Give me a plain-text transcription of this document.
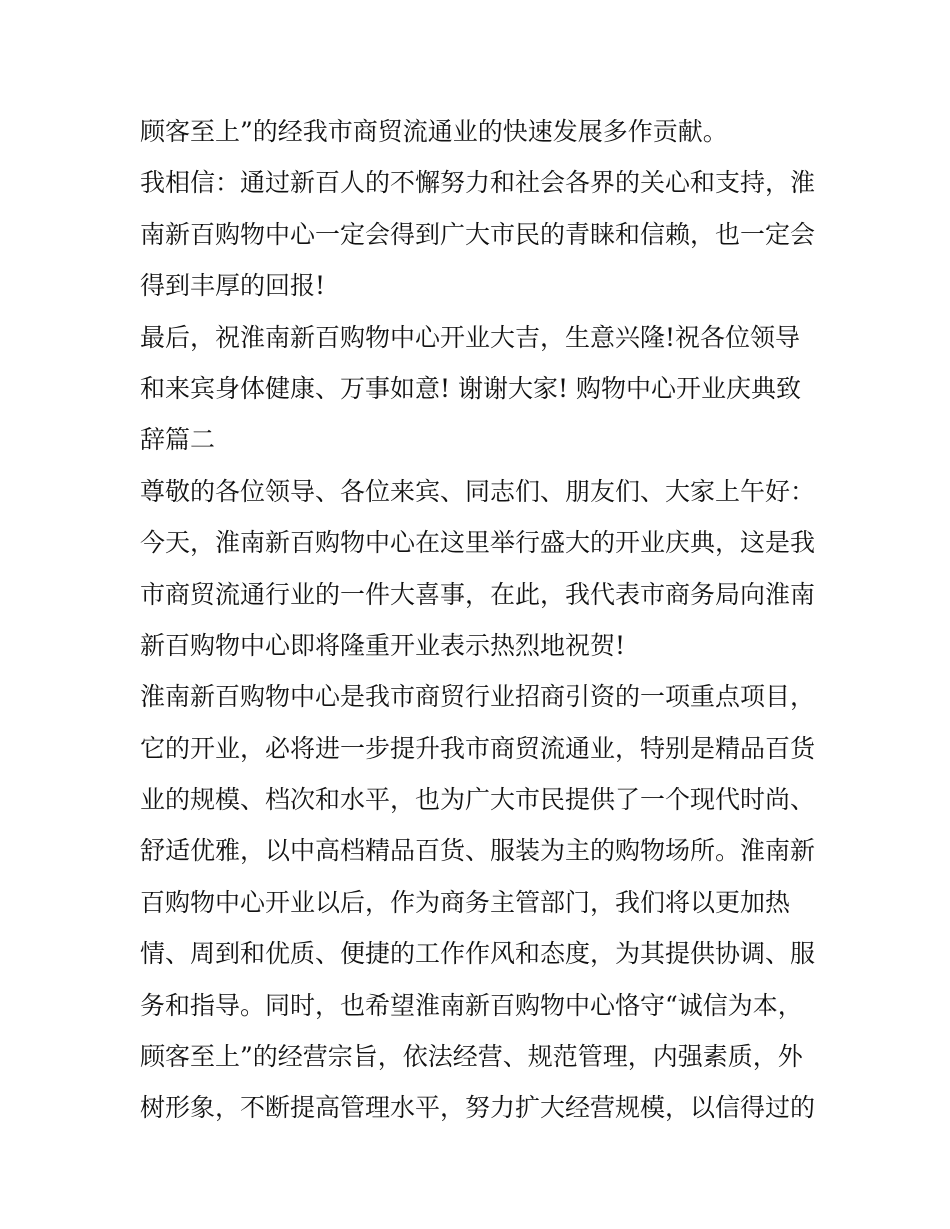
顾客至上”的经我市商贸流通业的快速发展多作贡献。
我相信：通过新百人的不懈努力和社会各界的关心和支持，淮
南新百购物中心一定会得到广大市民的青睐和信赖，也一定会
得到丰厚的回报!
最后，祝淮南新百购物中心开业大吉，生意兴隆!祝各位领导
和来宾身体健康、万事如意! 谢谢大家! 购物中心开业庆典致
辞篇二
尊敬的各位领导、各位来宾、同志们、朋友们、大家上午好：
今天，淮南新百购物中心在这里举行盛大的开业庆典，这是我
市商贸流通行业的一件大喜事，在此，我代表市商务局向淮南
新百购物中心即将隆重开业表示热烈地祝贺!
淮南新百购物中心是我市商贸行业招商引资的一项重点项目，
它的开业，必将进一步提升我市商贸流通业，特别是精品百货
业的规模、档次和水平，也为广大市民提供了一个现代时尚、
舒适优雅，以中高档精品百货、服装为主的购物场所。淮南新
百购物中心开业以后，作为商务主管部门，我们将以更加热
情、周到和优质、便捷的工作作风和态度，为其提供协调、服
务和指导。同时，也希望淮南新百购物中心恪守“诚信为本，
顾客至上”的经营宗旨，依法经营、规范管理，内强素质，外
树形象，不断提高管理水平，努力扩大经营规模，以信得过的
